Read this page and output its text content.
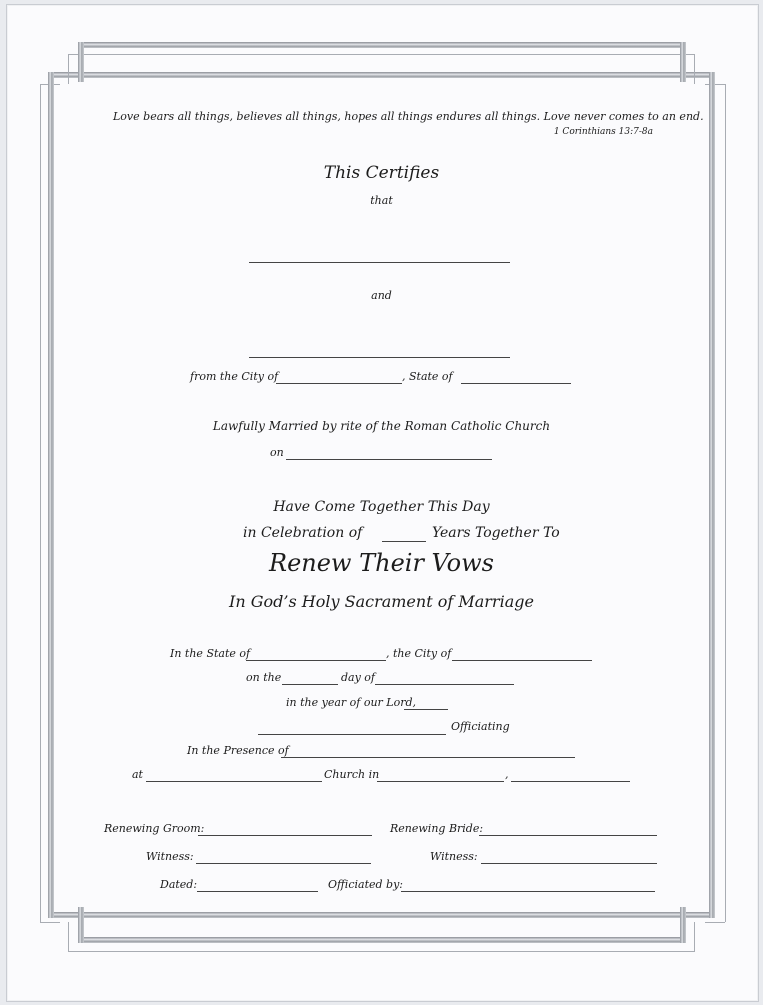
Love bears all things, believes all things, hopes all things endures all things. Love never comes to an end.
1 Corinthians 13:7-8a
This Certifies
that
and
from the City of	, State of
Lawfully Married by rite of the Roman Catholic Church
on
Have Come Together This Day
in Celebration of	Years Together To
Renew Their Vows
In God’s Holy Sacrament of Marriage
In the State of	, the City of
on the	day of
in the year of our Lord,
Officiating
In the Presence of
at	Church in	,
Renewing Groom:	Renewing Bride:
Witness:	Witness:
Dated:	Officiated by:
